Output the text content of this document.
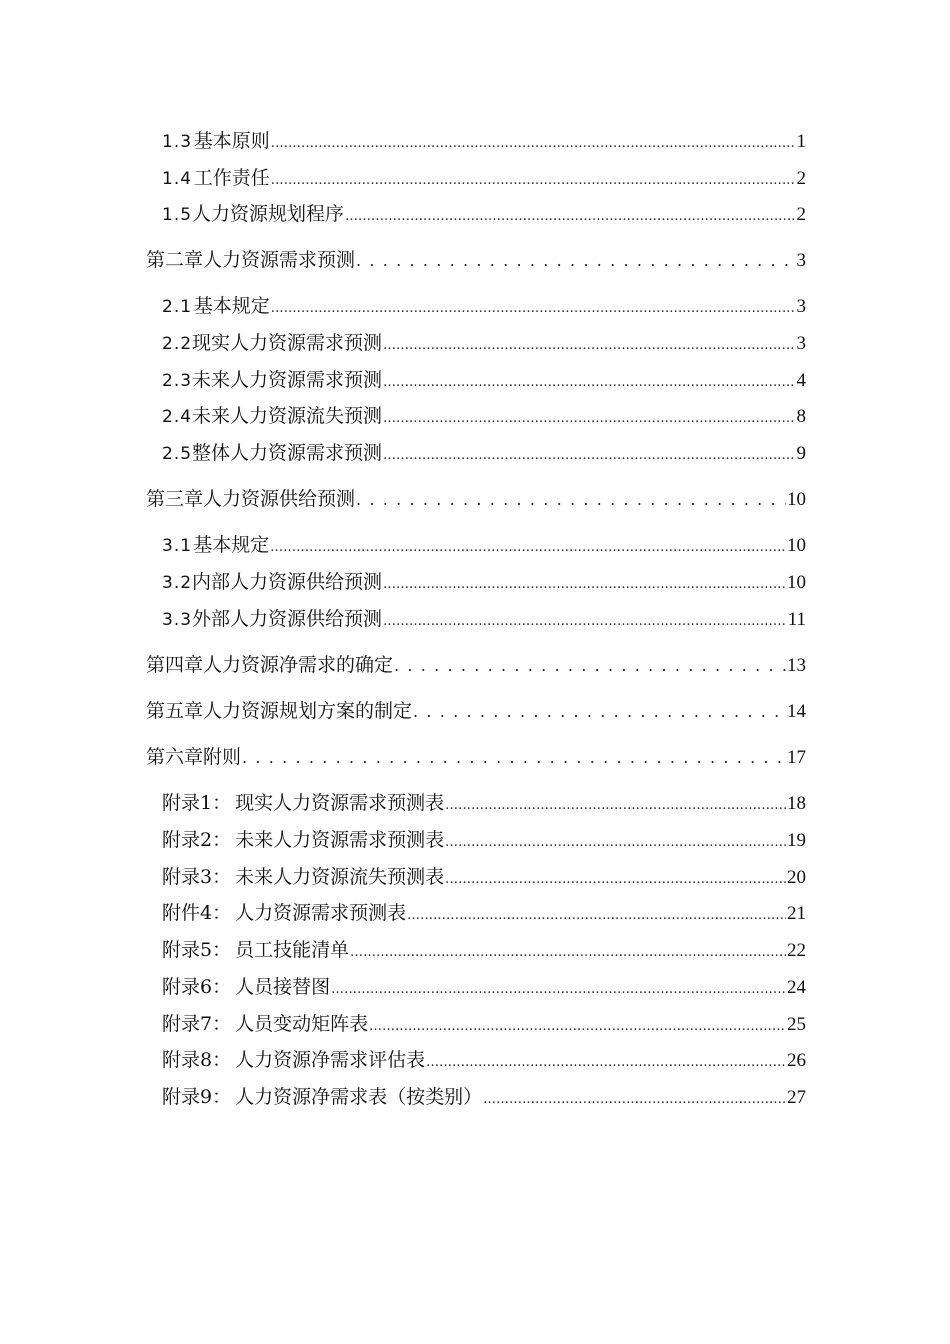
1.3 基本原则 .....	1
1.4 工作责任 .....	2
1.5 人力资源规划程序 .....	2
第二章 人力资源需求预测 . . .	3
2.1 基本规定 .....	3
2.2 现实人力资源需求预测 .....	3
2.3 未来人力资源需求预测 .....	4
2.4 未来人力资源流失预测 .....	8
2.5 整体人力资源需求预测 .....	9
第三章 人力资源供给预测 . . .	10
3.1 基本规定 .....	10
3.2 内部人力资源供给预测 .....	10
3.3 外部人力资源供给预测 .....	11
第四章 人力资源净需求的确定 . . .	13
第五章 人力资源规划方案的制定 . . .	14
第六章 附则 . . .	17
附录1： 现实人力资源需求预测表 .....	18
附录2： 未来人力资源需求预测表 .....	19
附录3： 未来人力资源流失预测表 .....	20
附件4： 人力资源需求预测表 .....	21
附录5： 员工技能清单 .....	22
附录6： 人员接替图 .....	24
附录7： 人员变动矩阵表 .....	25
附录8： 人力资源净需求评估表 .....	26
附录9： 人力资源净需求表（按类别） .....	27
